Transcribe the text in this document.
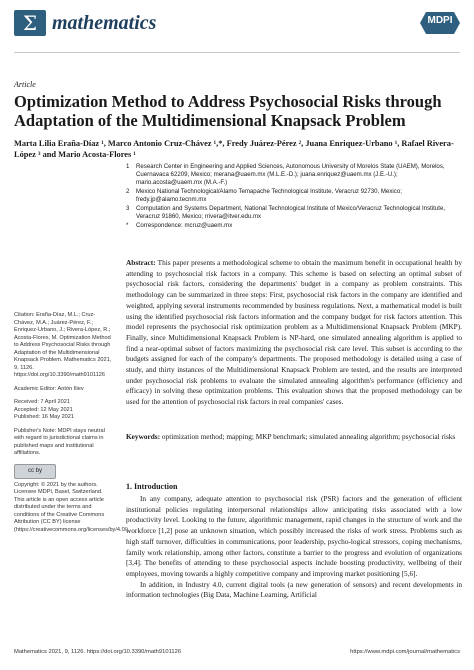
Σ mathematics	MDPI
Article
Optimization Method to Address Psychosocial Risks through Adaptation of the Multidimensional Knapsack Problem
Marta Lilia Eraña-Díaz ¹, Marco Antonio Cruz-Chávez ¹,*, Fredy Juárez-Pérez ², Juana Enriquez-Urbano ¹, Rafael Rivera-López ³ and Mario Acosta-Flores ¹
1 Research Center in Engineering and Applied Sciences, Autonomous University of Morelos State (UAEM), Morelos, Cuernavaca 62209, Mexico; merana@uaem.mx (M.L.E.-D.); juana.enriquez@uaem.mx (J.E.-U.); mario.acosta@uaem.mx (M.A.-F.)
2 Mexico National Technological/Alamo Temapache Technological Institute, Veracruz 92730, Mexico; fredy.jp@alamo.tecnm.mx
3 Computation and Systems Department, National Technological Institute of Mexico/Veracruz Technological Institute, Veracruz 91860, Mexico; rrivera@itver.edu.mx
* Correspondence: mcruz@uaem.mx
Abstract: This paper presents a methodological scheme to obtain the maximum benefit in occupational health by attending to psychosocial risk factors in a company. This scheme is based on selecting an optimal subset of psychosocial risk factors, considering the departments' budget in a company as problem constraints. This methodology can be summarized in three steps: First, psychosocial risk factors in the company are identified and weighted, applying several instruments recommended by business regulations. Next, a mathematical model is built using the identified psychosocial risk factors information and the company budget for risk factors attention. This model represents the psychosocial risk optimization problem as a Multidimensional Knapsack Problem (MKP). Finally, since Multidimensional Knapsack Problem is NP-hard, one simulated annealing algorithm is applied to find a near-optimal subset of factors maximizing the psychosocial risk care level. This subset is according to the budgets assigned for each of the company's departments. The proposed methodology is detailed using a case of study, and thirty instances of the Multidimensional Knapsack Problem are tested, and the results are interpreted under psychosocial risk problems to evaluate the simulated annealing algorithm's performance (efficiency and efficacy) in solving these optimization problems. This evaluation shows that the proposed methodology can be used for the attention of psychosocial risk factors in real companies' cases.
Keywords: optimization method; mapping; MKP benchmark; simulated annealing algorithm; psychosocial risks
Citation: Eraña-Díaz, M.L.; Cruz-Chávez, M.A.; Juárez-Pérez, F.; Enriquez-Urbano, J.; Rivera-López, R.; Acosta-Flores, M. Optimization Method to Address Psychosocial Risks through Adaptation of the Multidimensional Knapsack Problem. Mathematics 2021, 9, 1126. https://doi.org/10.3390/math9101126
Academic Editor: Antón Iliev
Received: 7 April 2021
Accepted: 12 May 2021
Published: 16 May 2021
Publisher's Note: MDPI stays neutral with regard to jurisdictional claims in published maps and institutional affiliations.
cc by
Copyright: © 2021 by the authors. Licensee MDPI, Basel, Switzerland. This article is an open access article distributed under the terms and conditions of the Creative Commons Attribution (CC BY) license (https://creativecommons.org/licenses/by/4.0/).
1. Introduction

In any company, adequate attention to psychosocial risk (PSR) factors and the generation of efficient institutional policies regulating interpersonal relationships allow anticipating risks associated with a low productivity level. Looking to the future, algorithmic management, rapid changes in the structure of work and the workforce [1,2] pose an unknown situation, which possibly increased the risks of work stress. Problems such as high staff turnover, difficulties in communications, poor leadership, psycho-logical stressors, coping mechanisms, family work relationship, among other factors, constitute a barrier to the progress and evolution of organizations [3,4]. The benefits of attending to these psychosocial aspects include boosting productivity, wellbeing of their employees, moving towards a highly competitive company and improving market positioning [5,6].

In addition, in Industry 4.0, current digital tools (a new generation of sensors) and recent developments in information technologies (Big Data, Machine Learning, Artificial

Mathematics 2021, 9, 1126. https://doi.org/10.3390/math9101126	https://www.mdpi.com/journal/mathematics
